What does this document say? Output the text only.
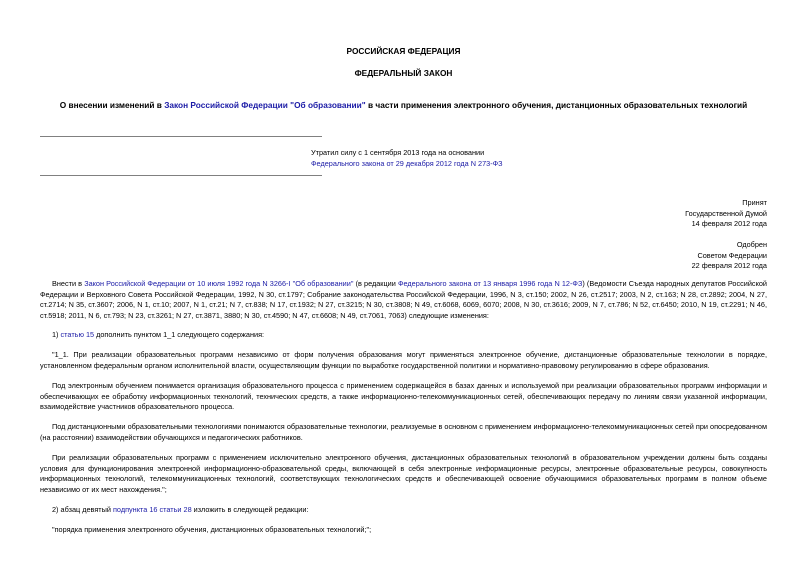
РОССИЙСКАЯ ФЕДЕРАЦИЯ
ФЕДЕРАЛЬНЫЙ ЗАКОН
О внесении изменений в Закон Российской Федерации "Об образовании" в части применения электронного обучения, дистанционных образовательных технологий
Утратил силу с 1 сентября 2013 года на основании
Федерального закона от 29 декабря 2012 года N 273-ФЗ
Принят
Государственной Думой
14 февраля 2012 года
Одобрен
Советом Федерации
22 февраля 2012 года
Внести в Закон Российской Федерации от 10 июля 1992 года N 3266-I "Об образовании" (в редакции Федерального закона от 13 января 1996 года N 12-ФЗ) (Ведомости Съезда народных депутатов Российской Федерации и Верховного Совета Российской Федерации, 1992, N 30, ст.1797; Собрание законодательства Российской Федерации, 1996, N 3, ст.150; 2002, N 26, ст.2517; 2003, N 2, ст.163; N 28, ст.2892; 2004, N 27, ст.2714; N 35, ст.3607; 2006, N 1, ст.10; 2007, N 1, ст.21; N 7, ст.838; N 17, ст.1932; N 27, ст.3215; N 30, ст.3808; N 49, ст.6068, 6069, 6070; 2008, N 30, ст.3616; 2009, N 7, ст.786; N 52, ст.6450; 2010, N 19, ст.2291; N 46, ст.5918; 2011, N 6, ст.793; N 23, ст.3261; N 27, ст.3871, 3880; N 30, ст.4590; N 47, ст.6608; N 49, ст.7061, 7063) следующие изменения:
1) статью 15 дополнить пунктом 1_1 следующего содержания:
"1_1. При реализации образовательных программ независимо от форм получения образования могут применяться электронное обучение, дистанционные образовательные технологии в порядке, установленном федеральным органом исполнительной власти, осуществляющим функции по выработке государственной политики и нормативно-правовому регулированию в сфере образования.
Под электронным обучением понимается организация образовательного процесса с применением содержащейся в базах данных и используемой при реализации образовательных программ информации и обеспечивающих ее обработку информационных технологий, технических средств, а также информационно-телекоммуникационных сетей, обеспечивающих передачу по линиям связи указанной информации, взаимодействие участников образовательного процесса.
Под дистанционными образовательными технологиями понимаются образовательные технологии, реализуемые в основном с применением информационно-телекоммуникационных сетей при опосредованном (на расстоянии) взаимодействии обучающихся и педагогических работников.
При реализации образовательных программ с применением исключительно электронного обучения, дистанционных образовательных технологий в образовательном учреждении должны быть созданы условия для функционирования электронной информационно-образовательной среды, включающей в себя электронные информационные ресурсы, электронные образовательные ресурсы, совокупность информационных технологий, телекоммуникационных технологий, соответствующих технологических средств и обеспечивающей освоение обучающимися образовательных программ в полном объеме независимо от их мест нахождения.";
2) абзац девятый подпункта 16 статьи 28 изложить в следующей редакции:
"порядка применения электронного обучения, дистанционных образовательных технологий;";
